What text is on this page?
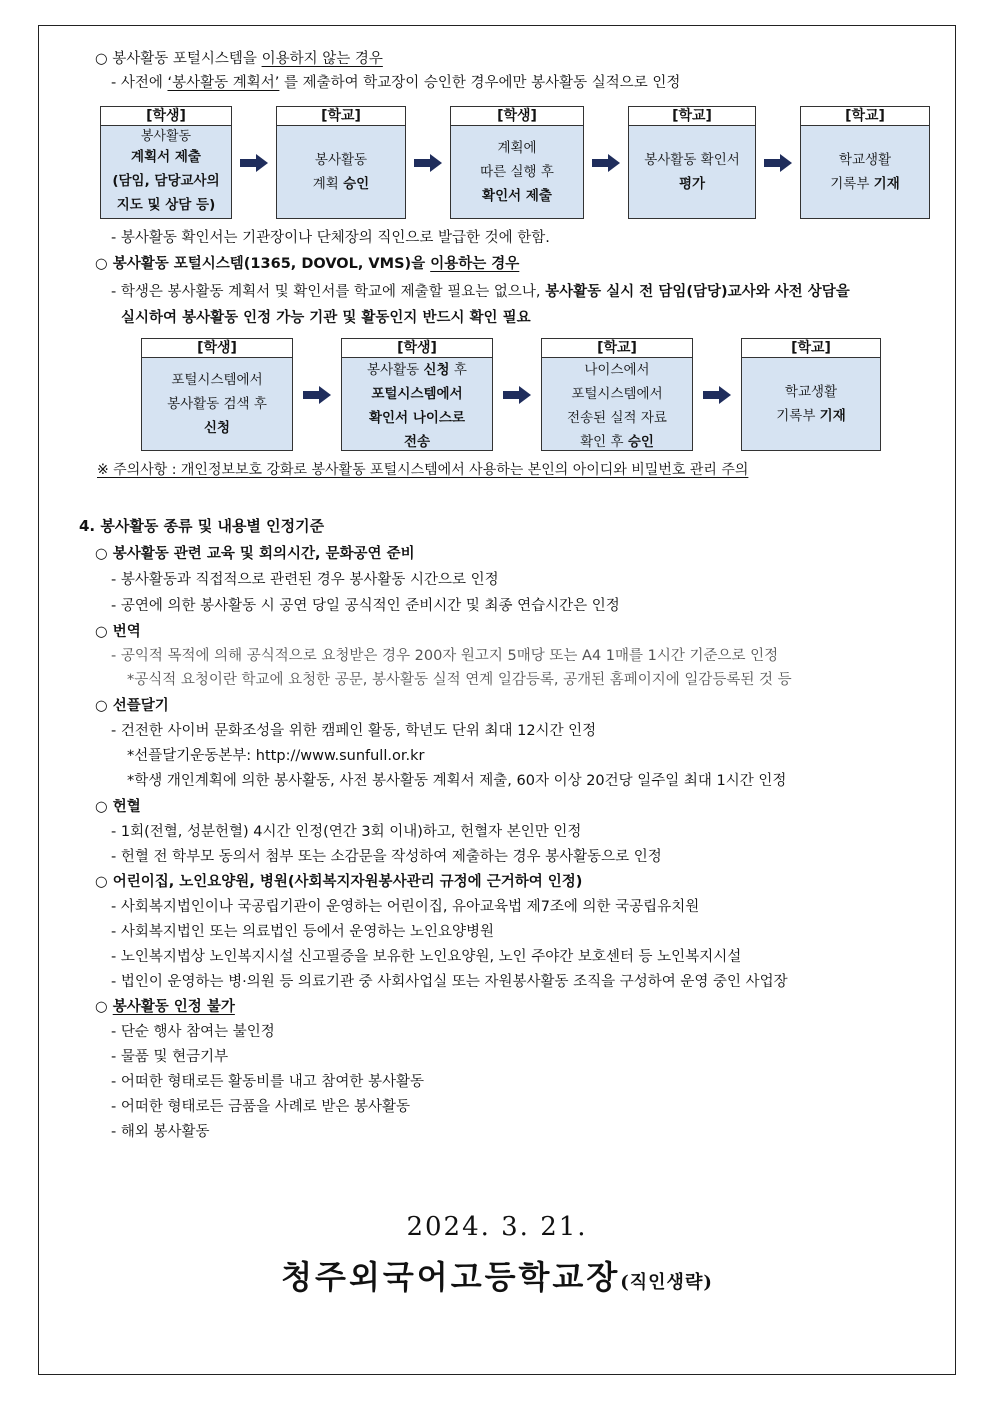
○ 봉사활동 포털시스템을 이용하지 않는 경우
- 사전에 ‘봉사활동 계획서’ 를 제출하여 학교장이 승인한 경우에만 봉사활동 실적으로 인정
[학생]
봉사활동
계획서 제출
(담임, 담당교사의
지도 및 상담 등)
[학교]
봉사활동
계획 승인
[학생]
계획에
따른 실행 후
확인서 제출
[학교]
봉사활동 확인서
평가
[학교]
학교생활
기록부 기재
- 봉사활동 확인서는 기관장이나 단체장의 직인으로 발급한 것에 한함.
○ 봉사활동 포털시스템(1365, DOVOL, VMS)을 이용하는 경우
- 학생은 봉사활동 계획서 및 확인서를 학교에 제출할 필요는 없으나, 봉사활동 실시 전 담임(담당)교사와 사전 상담을
실시하여 봉사활동 인정 가능 기관 및 활동인지 반드시 확인 필요
[학생]
포털시스템에서
봉사활동 검색 후
신청
[학생]
봉사활동 신청 후
포털시스템에서
확인서 나이스로
전송
[학교]
나이스에서
포털시스템에서
전송된 실적 자료
확인 후 승인
[학교]
학교생활
기록부 기재
※ 주의사항 : 개인정보보호 강화로 봉사활동 포털시스템에서 사용하는 본인의 아이디와 비밀번호 관리 주의
4. 봉사활동 종류 및 내용별 인정기준
○ 봉사활동 관련 교육 및 회의시간, 문화공연 준비
- 봉사활동과 직접적으로 관련된 경우 봉사활동 시간으로 인정
- 공연에 의한 봉사활동 시 공연 당일 공식적인 준비시간 및 최종 연습시간은 인정
○ 번역
- 공익적 목적에 의해 공식적으로 요청받은 경우 200자 원고지 5매당 또는 A4 1매를 1시간 기준으로 인정
*공식적 요청이란 학교에 요청한 공문, 봉사활동 실적 연계 일감등록, 공개된 홈페이지에 일감등록된 것 등
○ 선플달기
- 건전한 사이버 문화조성을 위한 캠페인 활동, 학년도 단위 최대 12시간 인정
*선플달기운동본부: http://www.sunfull.or.kr
*학생 개인계획에 의한 봉사활동, 사전 봉사활동 계획서 제출, 60자 이상 20건당 일주일 최대 1시간 인정
○ 헌혈
- 1회(전혈, 성분헌혈) 4시간 인정(연간 3회 이내)하고, 헌혈자 본인만 인정
- 헌혈 전 학부모 동의서 첨부 또는 소감문을 작성하여 제출하는 경우 봉사활동으로 인정
○ 어린이집, 노인요양원, 병원(사회복지자원봉사관리 규정에 근거하여 인정)
- 사회복지법인이나 국공립기관이 운영하는 어린이집, 유아교육법 제7조에 의한 국공립유치원
- 사회복지법인 또는 의료법인 등에서 운영하는 노인요양병원
- 노인복지법상 노인복지시설 신고필증을 보유한 노인요양원, 노인 주야간 보호센터 등 노인복지시설
- 법인이 운영하는 병·의원 등 의료기관 중 사회사업실 또는 자원봉사활동 조직을 구성하여 운영 중인 사업장
○ 봉사활동 인정 불가
- 단순 행사 참여는 불인정
- 물품 및 현금기부
- 어떠한 형태로든 활동비를 내고 참여한 봉사활동
- 어떠한 형태로든 금품을 사례로 받은 봉사활동
- 해외 봉사활동
2024. 3. 21.
청주외국어고등학교장(직인생략)
